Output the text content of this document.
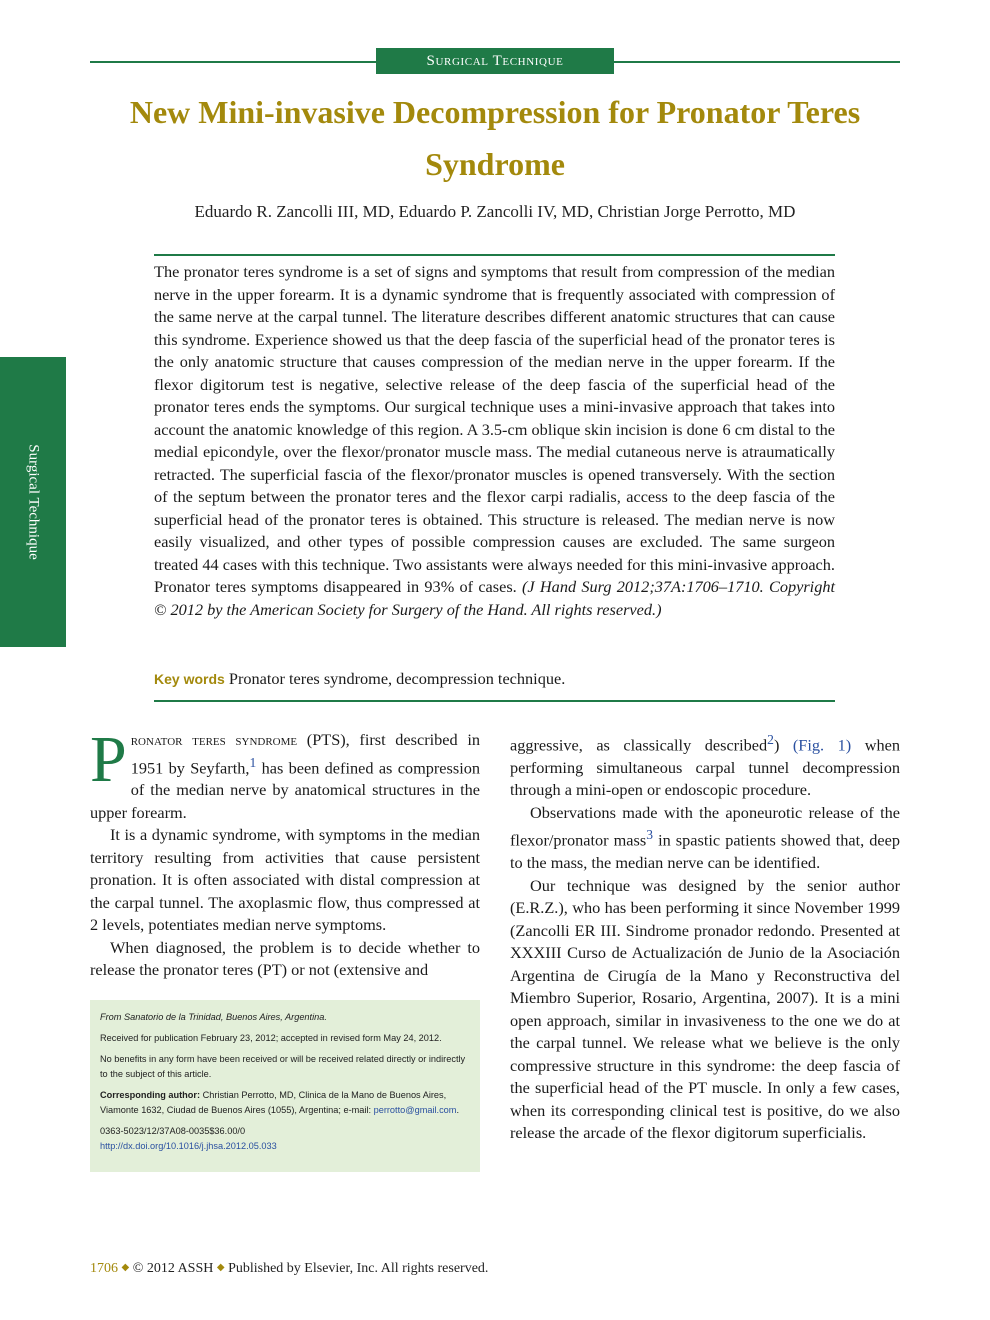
Surgical Technique
New Mini-invasive Decompression for Pronator Teres Syndrome
Eduardo R. Zancolli III, MD, Eduardo P. Zancolli IV, MD, Christian Jorge Perrotto, MD
The pronator teres syndrome is a set of signs and symptoms that result from compression of the median nerve in the upper forearm. It is a dynamic syndrome that is frequently associated with compression of the same nerve at the carpal tunnel. The literature describes different anatomic structures that can cause this syndrome. Experience showed us that the deep fascia of the superficial head of the pronator teres is the only anatomic structure that causes compression of the median nerve in the upper forearm. If the flexor digitorum test is negative, selective release of the deep fascia of the superficial head of the pronator teres ends the symptoms. Our surgical technique uses a mini-invasive approach that takes into account the anatomic knowledge of this region. A 3.5-cm oblique skin incision is done 6 cm distal to the medial epicondyle, over the flexor/pronator muscle mass. The medial cutaneous nerve is atraumatically retracted. The superficial fascia of the flexor/pronator muscles is opened transversely. With the section of the septum between the pronator teres and the flexor carpi radialis, access to the deep fascia of the superficial head of the pronator teres is obtained. This structure is released. The median nerve is now easily visualized, and other types of possible compression causes are excluded. The same surgeon treated 44 cases with this technique. Two assistants were always needed for this mini-invasive approach. Pronator teres symptoms disappeared in 93% of cases. (J Hand Surg 2012;37A:1706–1710. Copyright © 2012 by the American Society for Surgery of the Hand. All rights reserved.)
Key words Pronator teres syndrome, decompression technique.
Surgical Technique

Pronator teres syndrome (PTS), first described in 1951 by Seyfarth,$^1$ has been defined as compression of the median nerve by anatomical structures in the upper forearm.

It is a dynamic syndrome, with symptoms in the median territory resulting from activities that cause persistent pronation. It is often associated with distal compression at the carpal tunnel. The axoplasmic flow, thus compressed at 2 levels, potentiates median nerve symptoms.

When diagnosed, the problem is to decide whether to release the pronator teres (PT) or not (extensive and

From Sanatorio de la Trinidad, Buenos Aires, Argentina.

Received for publication February 23, 2012; accepted in revised form May 24, 2012.

No benefits in any form have been received or will be received related directly or indirectly to the subject of this article.

Corresponding author: Christian Perrotto, MD, Clinica de la Mano de Buenos Aires, Viamonte 1632, Ciudad de Buenos Aires (1055), Argentina; e-mail: perrotto@gmail.com.

0363-5023/12/37A08-0035$36.00/0
http://dx.doi.org/10.1016/j.jhsa.2012.05.033

aggressive, as classically described$^2$) (Fig. 1) when performing simultaneous carpal tunnel decompression through a mini-open or endoscopic procedure.

Observations made with the aponeurotic release of the flexor/pronator mass$^3$ in spastic patients showed that, deep to the mass, the median nerve can be identified.

Our technique was designed by the senior author (E.R.Z.), who has been performing it since November 1999 (Zancolli ER III. Sindrome pronador redondo. Presented at XXXIII Curso de Actualización de Junio de la Asociación Argentina de Cirugía de la Mano y Reconstructiva del Miembro Superior, Rosario, Argentina, 2007). It is a mini open approach, similar in invasiveness to the one we do at the carpal tunnel. We release what we believe is the only compressive structure in this syndrome: the deep fascia of the superficial head of the PT muscle. In only a few cases, when its corresponding clinical test is positive, do we also release the arcade of the flexor digitorum superficialis.

1706 ◆ © 2012 ASSH ◆ Published by Elsevier, Inc. All rights reserved.
